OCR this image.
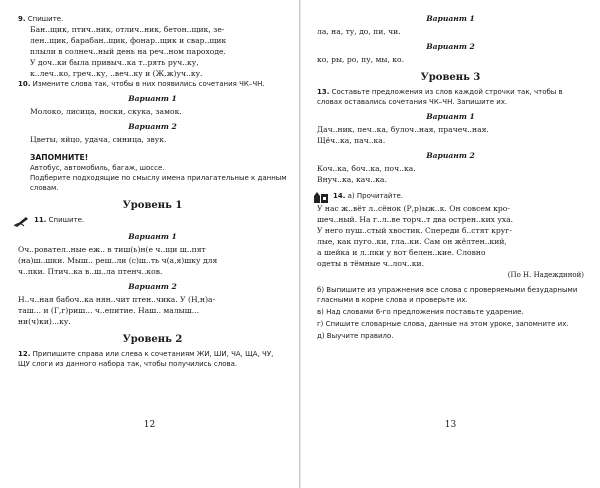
9. Спишите.

Бан..щик, птич..ник, отлич..ник, бетон..щик, зе-

лен..щик, барабан..щик, фонар..щик и свар..щик

плыли в солнеч..ный день на реч..ном пароходе.

У доч..ки была привыч..ка т..рять руч..ку,

к..леч..ко, греч..ку, ..веч..ку и (Ж,ж)уч..ку.

10. Измените слова так, чтобы в них появились сочетания ЧК–ЧН.

Вариант 1

Молоко, лисица, носки, скука, замок.

Вариант 2

Цветы, яйцо, удача, синица, звук.

ЗАПОМНИТЕ!

Автобус, автомобиль, багаж, шоссе.

Подберите подходящие по смыслу имена прилагательные к данным словам.

Уровень 1

11. Спишите.

Вариант 1

Оч..ровател..ные еж.. в тиш(ь)н(е ч..щи ш..пят

(на)ш..шки. Мыш.. реш..ли (с)ш..ть ч(а,я)шку для

ч..пки. Птич..ка в..ш..ла птенч..ков.

Вариант 2

Н..ч..ная бабоч..ка нян..чит птен..чика. У (Н,н)а-

таш... и (Г,г)риш... ч..епитие. Наш.. малыш...

ни(ч)ки)...ку.

Уровень 2

12. Припишите справа или слева к сочетаниям ЖИ, ШИ, ЧА, ЩА, ЧУ, ЩУ слоги из данного набора так, чтобы получились слова.

12
Вариант 1

ла, на, ту, до, пи, чи.

Вариант 2

ко, ры, ро, пу, мы, ко.

Уровень 3

13. Составьте предложения из слов каждой строчки так, чтобы в словах оставались сочетания ЧК–ЧН. Запишите их.

Вариант 1

Дач..ник, печ..ка, булоч..ная, прачеч..ная.

Щёч..ка, пач..ка.

Вариант 2

Коч..ка, боч..ка, поч..ка.

Внуч..ка, кач..ка.

14. а) Прочитайте.

У нас ж..вёт л..сёнок (Р,р)ыж..к. Он совсем кро-

шеч..ный. На г..л..ве торч..т два острен..ких уха.

У него пуш..стый хвостик. Спереди б..стят круг-

лые, как пуго..ки, гла..ки. Сам он жёлтен..кий,

а шейка и л..пки у вот белен..кие. Словно

одеты в тёмные ч..лоч..ки.

(По Н. Надеждиной)

б) Выпишите из упражнения все слова с проверяемыми безударными гласными в корне слова и проверьте их.

в) Над словами 6-го предложения поставьте ударение.

г) Спишите словарные слова, данные на этом уроке, запомните их.

д) Выучите правило.

13
